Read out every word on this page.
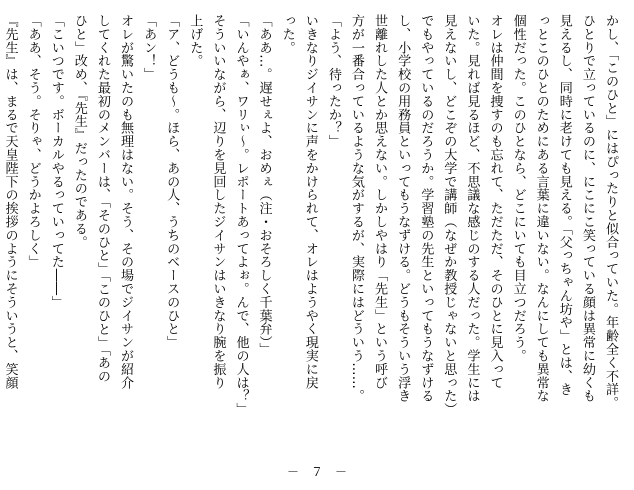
かし、「このひと」にはぴったりと似合っていた。年齢全く不詳。
ひとりで立っているのに、にこにこ笑っている顔は異常に幼くも
見えるし、同時に老けても見える。「父っちゃん坊や」とは、き
っとこのひとのためにある言葉に違いない。なんにしても異常な
個性だった。このひとなら、どこにいても目立つだろう。
オレは仲間を捜すのも忘れて、ただただ、そのひとに見入って
いた。見れば見るほど、不思議な感じのする人だった。学生には
見えないし、どこぞの大学で講師（なぜか教授じゃないと思った）
でもやっているのだろうか。学習塾の先生といってもうなずける
し、小学校の用務員といってもうなずける。どうもそういう浮き
世離れした人とか思えない。しかしやはり「先生」という呼び
方が一番合っているような気がするが、実際にはどういう……。
「よう、待ったか？」
いきなりジイサンに声をかけられて、オレはようやく現実に戻
った。
「ああ…。遅せぇよ、おめぇ（注・おそろしく千葉弁）」
「いんやぁ、ワリぃ〜。レポートあってよぉ。んで、他の人は？」
そういいながら、辺りを見回したジイサンはいきなり腕を振り
上げた。
「ア、どうも〜。ほら、あの人、うちのベースのひと」
「あン！」
オレが驚いたのも無理はない。そう、その場でジイサンが紹介
してくれた最初のメンバーは、「そのひと」「このひと」「あの
ひと」改め、『先生』だったのである。
「こいつです。ボーカルやるっていってた――」
「ああ、そう。そりゃ、どうかよろしく」
『先生』は、まるで天皇陛下の挨拶のようにそういうと、笑顔
－　７　－
